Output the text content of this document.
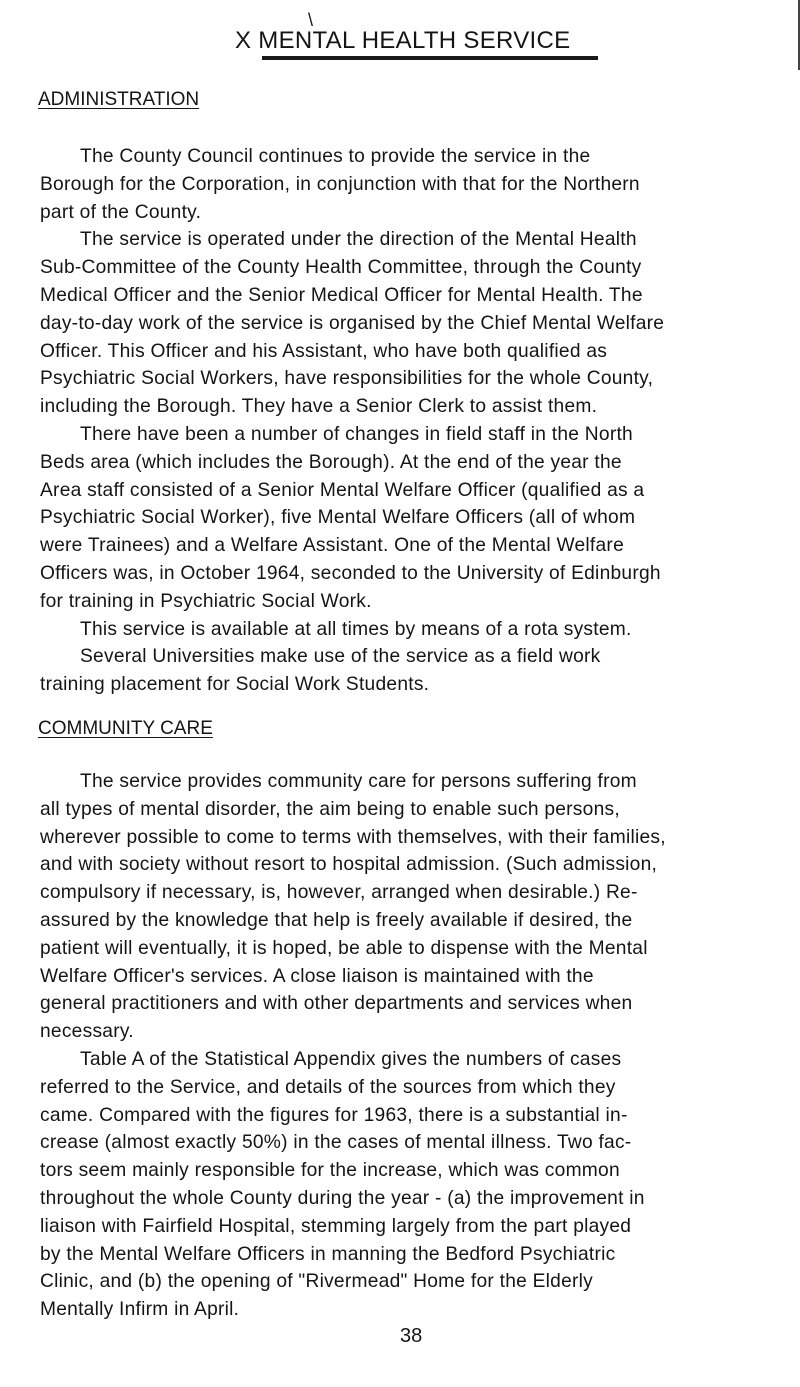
\
X MENTAL HEALTH SERVICE
ADMINISTRATION
The County Council continues to provide the service in the
Borough for the Corporation, in conjunction with that for the Northern
part of the County.
The service is operated under the direction of the Mental Health
Sub-Committee of the County Health Committee, through the County
Medical Officer and the Senior Medical Officer for Mental Health. The
day-to-day work of the service is organised by the Chief Mental Welfare
Officer. This Officer and his Assistant, who have both qualified as
Psychiatric Social Workers, have responsibilities for the whole County,
including the Borough. They have a Senior Clerk to assist them.
There have been a number of changes in field staff in the North
Beds area (which includes the Borough). At the end of the year the
Area staff consisted of a Senior Mental Welfare Officer (qualified as a
Psychiatric Social Worker), five Mental Welfare Officers (all of whom
were Trainees) and a Welfare Assistant. One of the Mental Welfare
Officers was, in October 1964, seconded to the University of Edinburgh
for training in Psychiatric Social Work.
This service is available at all times by means of a rota system.
Several Universities make use of the service as a field work
training placement for Social Work Students.
COMMUNITY CARE
The service provides community care for persons suffering from
all types of mental disorder, the aim being to enable such persons,
wherever possible to come to terms with themselves, with their families,
and with society without resort to hospital admission. (Such admission,
compulsory if necessary, is, however, arranged when desirable.) Re-
assured by the knowledge that help is freely available if desired, the
patient will eventually, it is hoped, be able to dispense with the Mental
Welfare Officer's services. A close liaison is maintained with the
general practitioners and with other departments and services when
necessary.
Table A of the Statistical Appendix gives the numbers of cases
referred to the Service, and details of the sources from which they
came. Compared with the figures for 1963, there is a substantial in-
crease (almost exactly 50%) in the cases of mental illness. Two fac-
tors seem mainly responsible for the increase, which was common
throughout the whole County during the year - (a) the improvement in
liaison with Fairfield Hospital, stemming largely from the part played
by the Mental Welfare Officers in manning the Bedford Psychiatric
Clinic, and (b) the opening of "Rivermead" Home for the Elderly
Mentally Infirm in April.
38
